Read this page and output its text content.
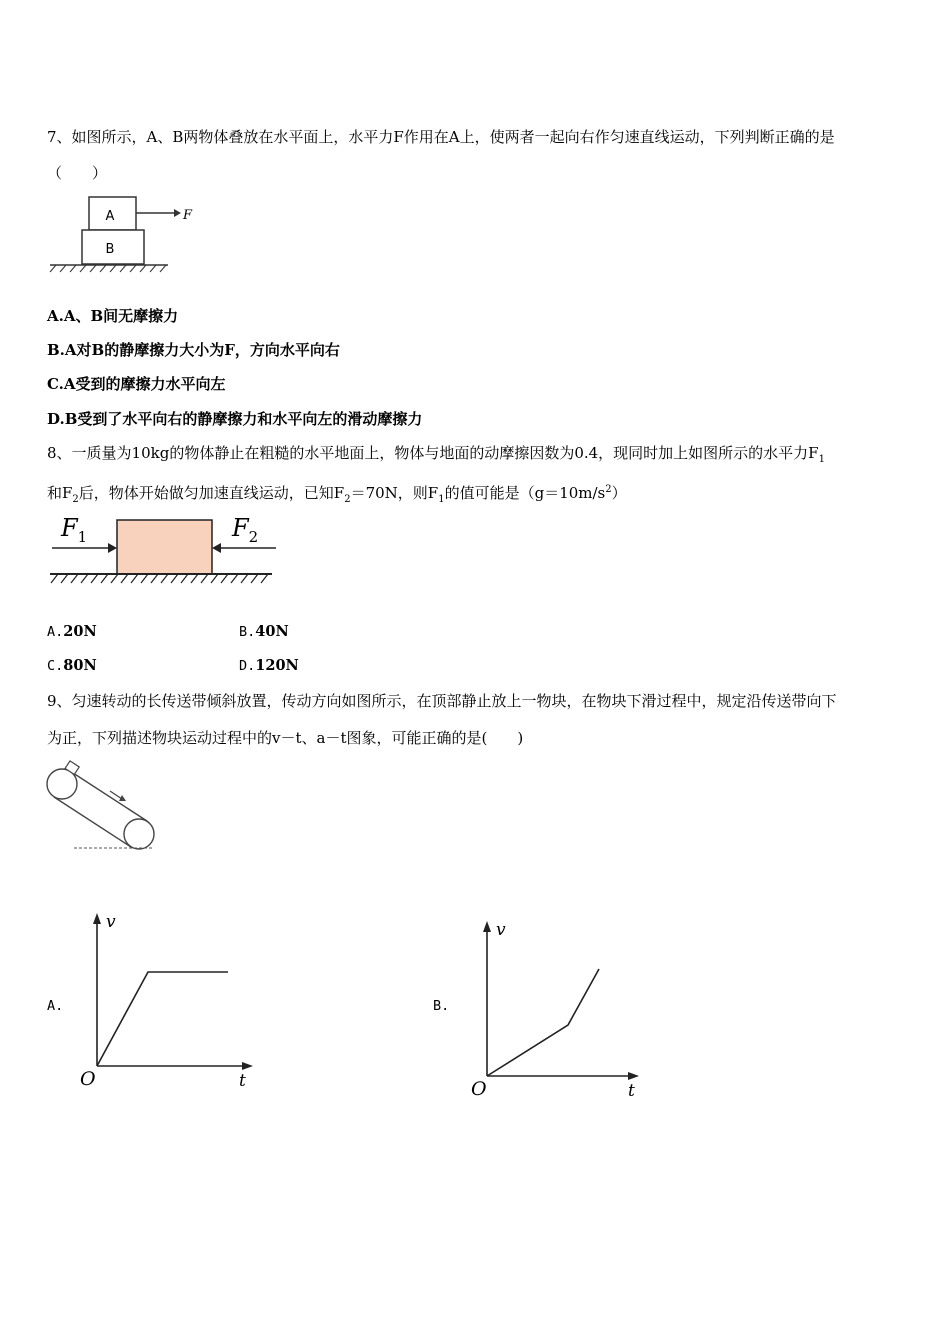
7、如图所示，A、B两物体叠放在水平面上，水平力F作用在A上，使两者一起向右作匀速直线运动，下列判断正确的是
（　　）
A
B
F
A.A、B间无摩擦力
B.A对B的静摩擦力大小为F，方向水平向右
C.A受到的摩擦力水平向左
D.B受到了水平向右的静摩擦力和水平向左的滑动摩擦力
8、一质量为10kg的物体静止在粗糙的水平地面上，物体与地面的动摩擦因数为0.4，现同时加上如图所示的水平力$F_1$
和$F_2$后，物体开始做匀加速直线运动，已知$F_2=70N$，则$F_1$的值可能是$(g=10m/s^2)$
$F_1$	$F_2$
A.20N	B.40N
C.80N	D.120N
9、匀速转动的长传送带倾斜放置，传动方向如图所示，在顶部静止放上一物块，在物块下滑过程中，规定沿传送带向下
为正，下列描述物块运动过程中的v－t、a－t图象，可能正确的是(　　)
A.
v
t
O
B.
v
t
O
